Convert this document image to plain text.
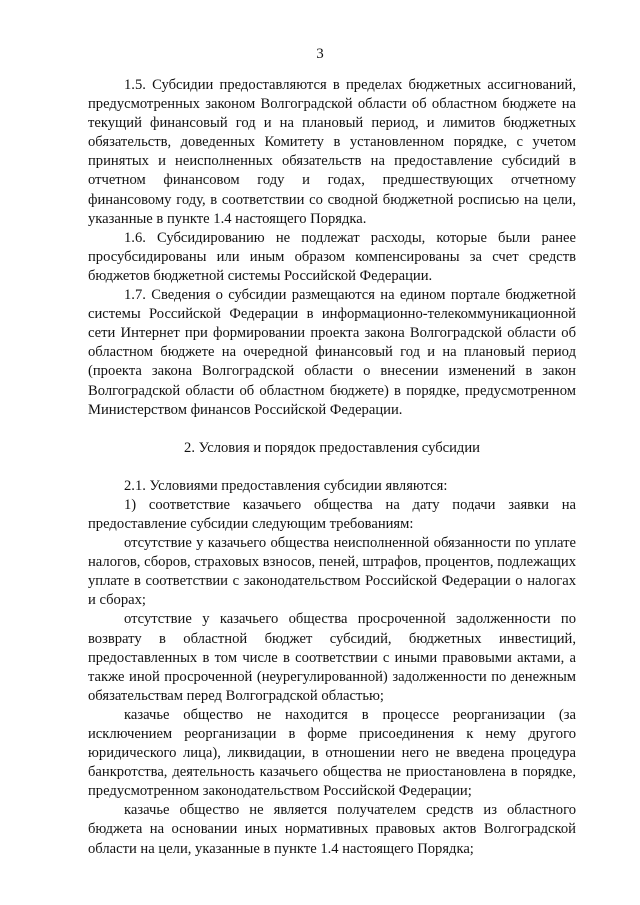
3

1.5. Субсидии предоставляются в пределах бюджетных ассигнований, предусмотренных законом Волгоградской области об областном бюджете на текущий финансовый год и на плановый период, и лимитов бюджетных обязательств, доведенных Комитету в установленном порядке, с учетом принятых и неисполненных обязательств на предоставление субсидий в отчетном финансовом году и годах, предшествующих отчетному финансовому году, в соответствии со сводной бюджетной росписью на цели, указанные в пункте 1.4 настоящего Порядка.

1.6. Субсидированию не подлежат расходы, которые были ранее просубсидированы или иным образом компенсированы за счет средств бюджетов бюджетной системы Российской Федерации.

1.7. Сведения о субсидии размещаются на едином портале бюджетной системы Российской Федерации в информационно-телекоммуникационной сети Интернет при формировании проекта закона Волгоградской области об областном бюджете на очередной финансовый год и на плановый период (проекта закона Волгоградской области о внесении изменений в закон Волгоградской области об областном бюджете) в порядке, предусмотренном Министерством финансов Российской Федерации.

2. Условия и порядок предоставления субсидии

2.1. Условиями предоставления субсидии являются:

1) соответствие казачьего общества на дату подачи заявки на предоставление субсидии следующим требованиям:

отсутствие у казачьего общества неисполненной обязанности по уплате налогов, сборов, страховых взносов, пеней, штрафов, процентов, подлежащих уплате в соответствии с законодательством Российской Федерации о налогах и сборах;

отсутствие у казачьего общества просроченной задолженности по возврату в областной бюджет субсидий, бюджетных инвестиций, предоставленных в том числе в соответствии с иными правовыми актами, а также иной просроченной (неурегулированной) задолженности по денежным обязательствам перед Волгоградской областью;

казачье общество не находится в процессе реорганизации (за исключением реорганизации в форме присоединения к нему другого юридического лица), ликвидации, в отношении него не введена процедура банкротства, деятельность казачьего общества не приостановлена в порядке, предусмотренном законодательством Российской Федерации;

казачье общество не является получателем средств из областного бюджета на основании иных нормативных правовых актов Волгоградской области на цели, указанные в пункте 1.4 настоящего Порядка;
